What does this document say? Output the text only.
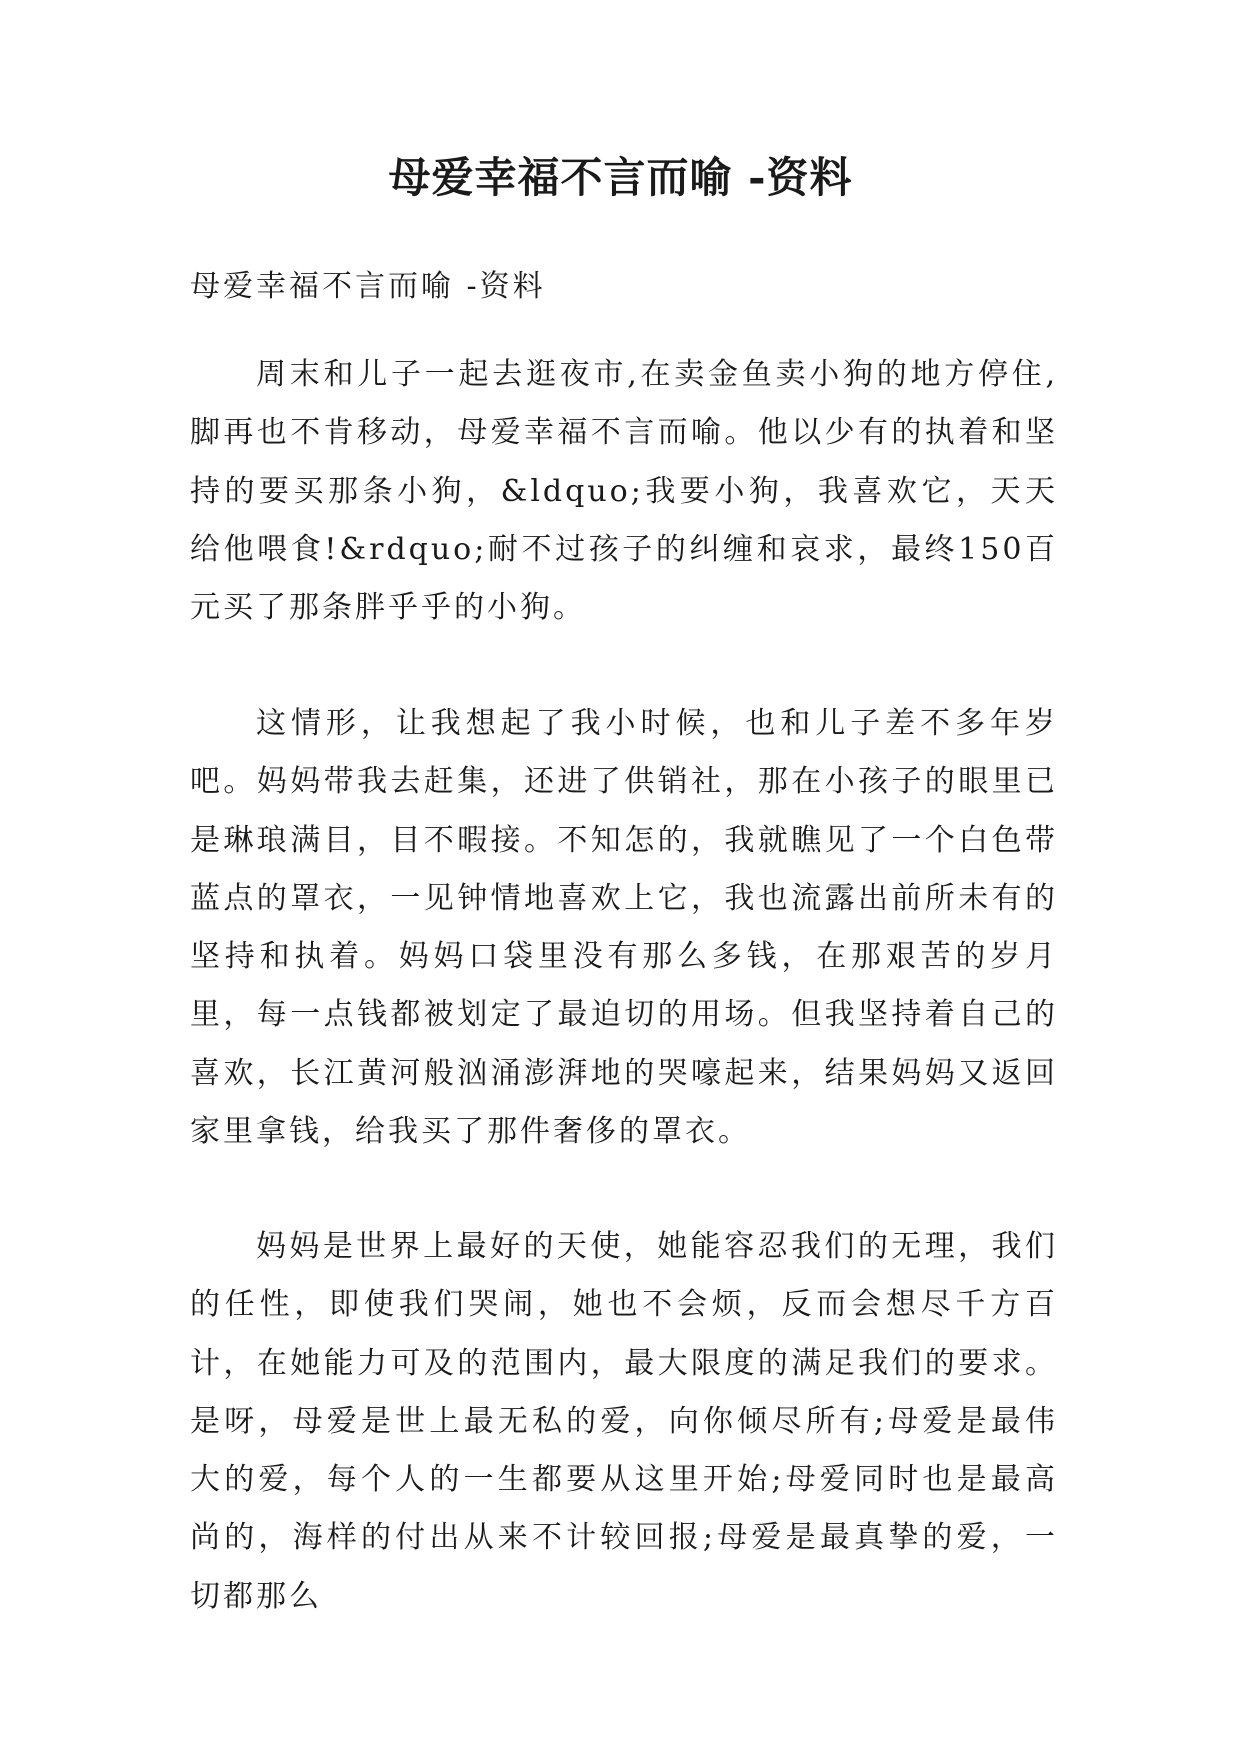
母爱幸福不言而喻 -资料

母爱幸福不言而喻 -资料

周末和儿子一起去逛夜市,在卖金鱼卖小狗的地方停住,脚再也不肯移动，母爱幸福不言而喻。他以少有的执着和坚持的要买那条小狗，&ldquo;我要小狗，我喜欢它，天天给他喂食!&rdquo;耐不过孩子的纠缠和哀求，最终150百元买了那条胖乎乎的小狗。

这情形，让我想起了我小时候，也和儿子差不多年岁吧。妈妈带我去赶集，还进了供销社，那在小孩子的眼里已是琳琅满目，目不暇接。不知怎的，我就瞧见了一个白色带蓝点的罩衣，一见钟情地喜欢上它，我也流露出前所未有的坚持和执着。妈妈口袋里没有那么多钱，在那艰苦的岁月里，每一点钱都被划定了最迫切的用场。但我坚持着自己的喜欢，长江黄河般汹涌澎湃地的哭嚎起来，结果妈妈又返回家里拿钱，给我买了那件奢侈的罩衣。

妈妈是世界上最好的天使，她能容忍我们的无理，我们的任性，即使我们哭闹，她也不会烦，反而会想尽千方百计，在她能力可及的范围内，最大限度的满足我们的要求。是呀，母爱是世上最无私的爱，向你倾尽所有;母爱是最伟大的爱，每个人的一生都要从这里开始;母爱同时也是最高尚的，海样的付出从来不计较回报;母爱是最真挚的爱，一切都那么
